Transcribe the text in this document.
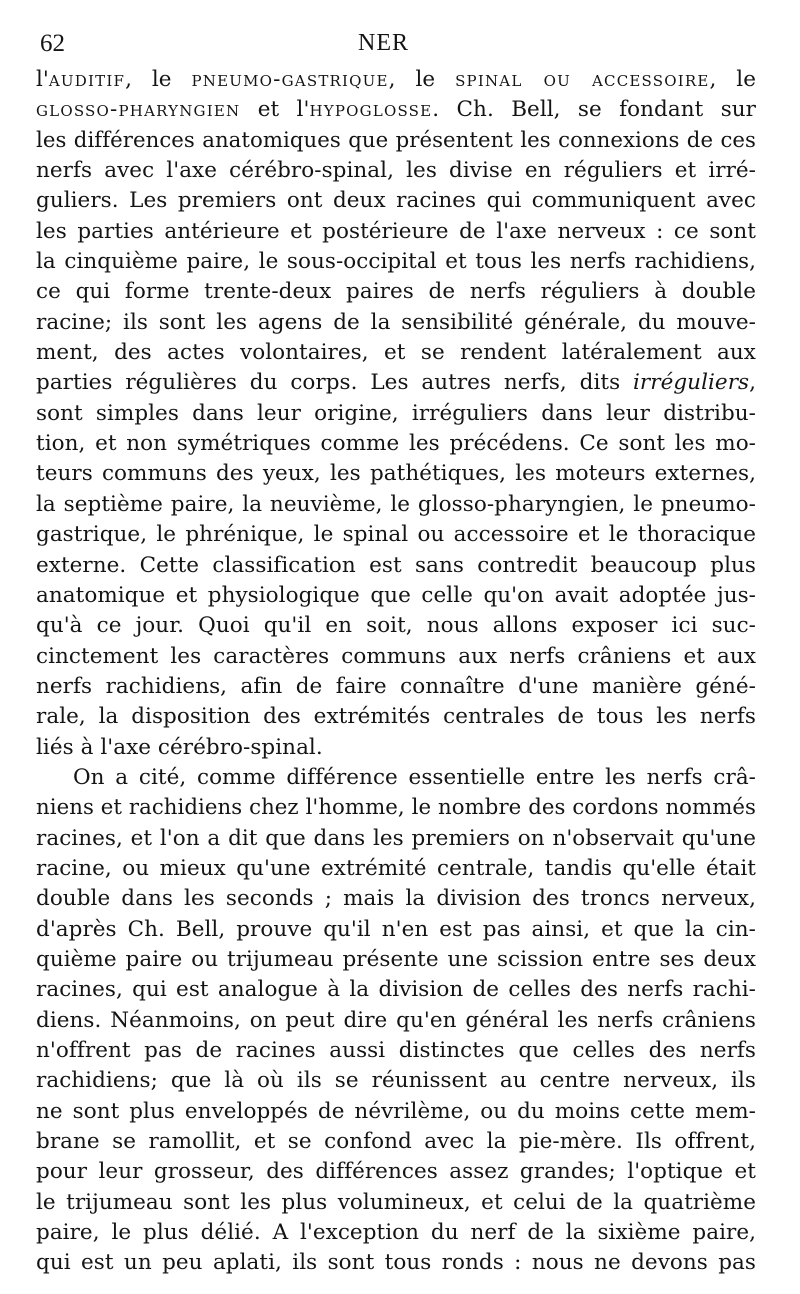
62	NER
l'auditif, le pneumo-gastrique, le spinal ou accessoire, le
glosso-pharyngien et l'hypoglosse. Ch. Bell, se fondant sur
les différences anatomiques que présentent les connexions de ces
nerfs avec l'axe cérébro-spinal, les divise en réguliers et irré-
guliers. Les premiers ont deux racines qui communiquent avec
les parties antérieure et postérieure de l'axe nerveux : ce sont
la cinquième paire, le sous-occipital et tous les nerfs rachidiens,
ce qui forme trente-deux paires de nerfs réguliers à double
racine; ils sont les agens de la sensibilité générale, du mouve-
ment, des actes volontaires, et se rendent latéralement aux
parties régulières du corps. Les autres nerfs, dits irréguliers,
sont simples dans leur origine, irréguliers dans leur distribu-
tion, et non symétriques comme les précédens. Ce sont les mo-
teurs communs des yeux, les pathétiques, les moteurs externes,
la septième paire, la neuvième, le glosso-pharyngien, le pneumo-
gastrique, le phrénique, le spinal ou accessoire et le thoracique
externe. Cette classification est sans contredit beaucoup plus
anatomique et physiologique que celle qu'on avait adoptée jus-
qu'à ce jour. Quoi qu'il en soit, nous allons exposer ici suc-
cinctement les caractères communs aux nerfs crâniens et aux
nerfs rachidiens, afin de faire connaître d'une manière géné-
rale, la disposition des extrémités centrales de tous les nerfs
liés à l'axe cérébro-spinal.
On a cité, comme différence essentielle entre les nerfs crâ-
niens et rachidiens chez l'homme, le nombre des cordons nommés
racines, et l'on a dit que dans les premiers on n'observait qu'une
racine, ou mieux qu'une extrémité centrale, tandis qu'elle était
double dans les seconds ; mais la division des troncs nerveux,
d'après Ch. Bell, prouve qu'il n'en est pas ainsi, et que la cin-
quième paire ou trijumeau présente une scission entre ses deux
racines, qui est analogue à la division de celles des nerfs rachi-
diens. Néanmoins, on peut dire qu'en général les nerfs crâniens
n'offrent pas de racines aussi distinctes que celles des nerfs
rachidiens; que là où ils se réunissent au centre nerveux, ils
ne sont plus enveloppés de névrilème, ou du moins cette mem-
brane se ramollit, et se confond avec la pie-mère. Ils offrent,
pour leur grosseur, des différences assez grandes; l'optique et
le trijumeau sont les plus volumineux, et celui de la quatrième
paire, le plus délié. A l'exception du nerf de la sixième paire,
qui est un peu aplati, ils sont tous ronds : nous ne devons pas
